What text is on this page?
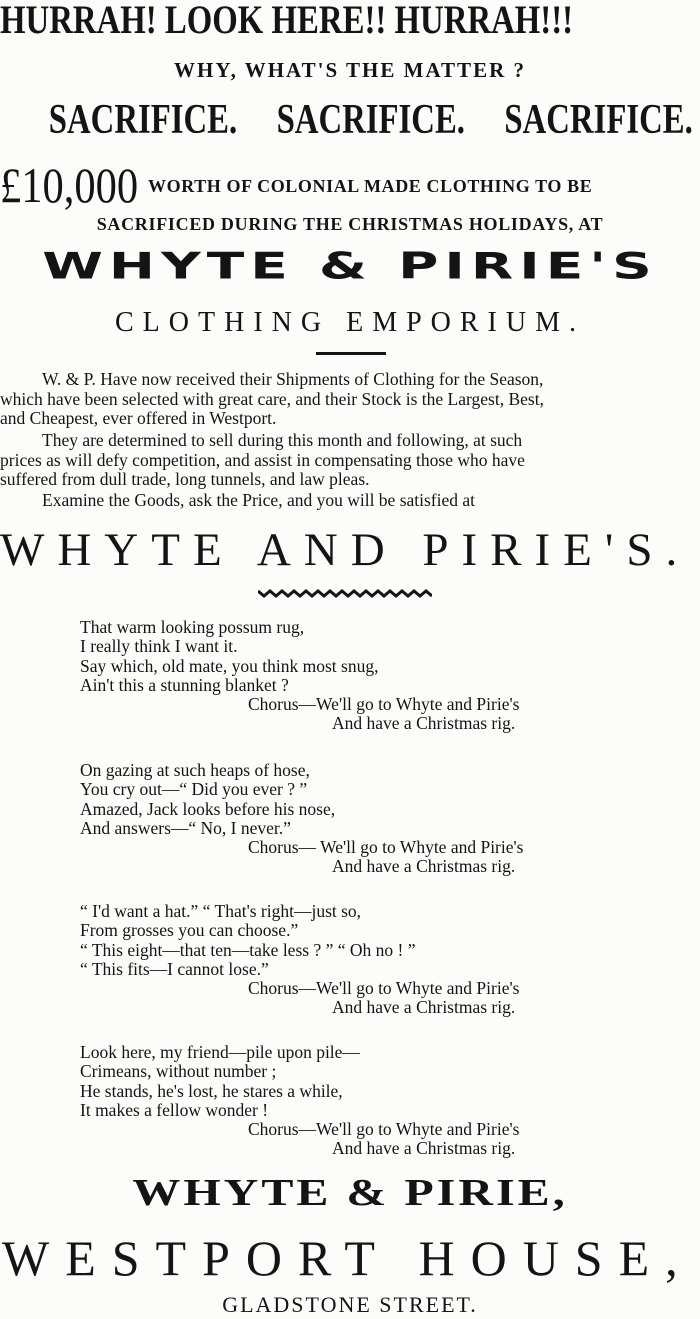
HURRAH! LOOK HERE!! HURRAH!!!
WHY, WHAT'S THE MATTER ?
SACRIFICE. SACRIFICE. SACRIFICE.
£10,000 WORTH OF COLONIAL MADE CLOTHING TO BE
SACRIFICED DURING THE CHRISTMAS HOLIDAYS, AT
WHYTE & PIRIE'S
CLOTHING EMPORIUM.
W. & P. Have now received their Shipments of Clothing for the Season,
which have been selected with great care, and their Stock is the Largest, Best,
and Cheapest, ever offered in Westport.
They are determined to sell during this month and following, at such
prices as will defy competition, and assist in compensating those who have
suffered from dull trade, long tunnels, and law pleas.
Examine the Goods, ask the Price, and you will be satisfied at
WHYTE AND PIRIE'S.
That warm looking possum rug,
I really think I want it.
Say which, old mate, you think most snug,
Ain't this a stunning blanket ?
Chorus—We'll go to Whyte and Pirie's
And have a Christmas rig.
On gazing at such heaps of hose,
You cry out—“ Did you ever ? ”
Amazed, Jack looks before his nose,
And answers—“ No, I never.”
Chorus— We'll go to Whyte and Pirie's
And have a Christmas rig.
“ I'd want a hat.” “ That's right—just so,
From grosses you can choose.”
“ This eight—that ten—take less ? ” “ Oh no ! ”
“ This fits—I cannot lose.”
Chorus—We'll go to Whyte and Pirie's
And have a Christmas rig.
Look here, my friend—pile upon pile—
Crimeans, without number ;
He stands, he's lost, he stares a while,
It makes a fellow wonder !
Chorus—We'll go to Whyte and Pirie's
And have a Christmas rig.
WHYTE & PIRIE,
WESTPORT HOUSE,
GLADSTONE STREET.
